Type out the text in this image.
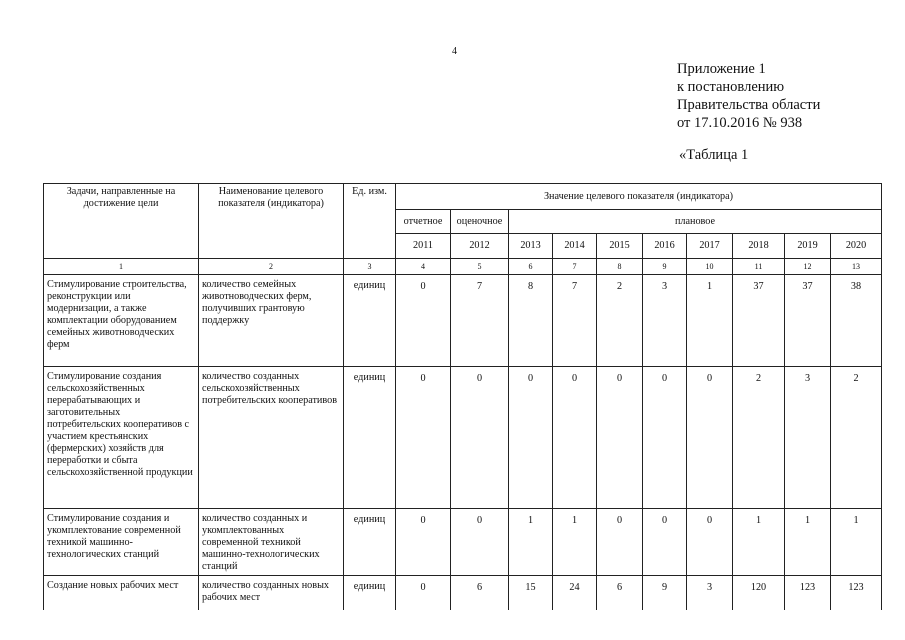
4
Приложение 1
к постановлению
Правительства области
от 17.10.2016 № 938
«Таблица 1
Задачи, направленные на достижение цели	Наименование целевого показателя (индикатора)	Ед. изм.	Значение целевого показателя (индикатора)									
			отчетное	оценочное	плановое							
			2011	2012	2013	2014	2015	2016	2017	2018	2019	2020
1	2	3	4	5	6	7	8	9	10	11	12	13
Стимулирование строительства, реконструкции или модернизации, а также комплектации оборудованием семейных животноводческих ферм	количество семейных животноводческих ферм, получивших грантовую поддержку	единиц	0	7	8	7	2	3	1	37	37	38
Стимулирование создания сельскохозяйственных перерабатывающих и заготовительных потребительских кооперативов с участием крестьянских (фермерских) хозяйств для переработки и сбыта сельскохозяйственной продукции	количество созданных сельскохозяйственных потребительских кооперативов	единиц	0	0	0	0	0	0	0	2	3	2
Стимулирование создания и укомплектование современной техникой машинно-технологических станций	количество созданных и укомплектованных современной техникой машинно-технологических станций	единиц	0	0	1	1	0	0	0	1	1	1
Создание новых рабочих мест	количество созданных новых рабочих мест	единиц	0	6	15	24	6	9	3	120	123	123
